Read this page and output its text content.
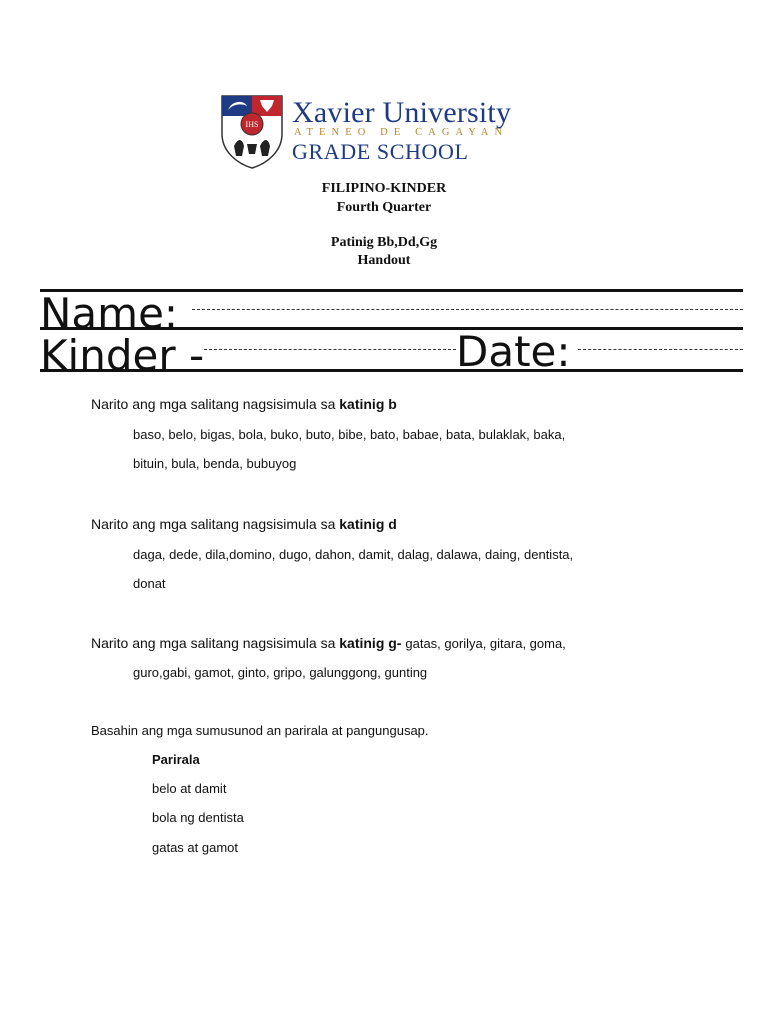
IHS Xavier University
ATENEO DE CAGAYAN
GRADE SCHOOL
FILIPINO-KINDER
Fourth Quarter
Patinig Bb,Dd,Gg
Handout
Name:
Kinder -	Date:
Narito ang mga salitang nagsisimula sa katinig b
baso, belo, bigas, bola, buko, buto, bibe, bato, babae, bata, bulaklak, baka,
bituin, bula, benda, bubuyog
Narito ang mga salitang nagsisimula sa katinig d
daga, dede, dila,domino, dugo, dahon, damit, dalag, dalawa, daing, dentista,
donat
Narito ang mga salitang nagsisimula sa katinig g- gatas, gorilya, gitara, goma,
guro,gabi, gamot, ginto, gripo, galunggong, gunting
Basahin ang mga sumusunod an parirala at pangungusap.
Parirala
belo at damit
bola ng dentista
gatas at gamot
